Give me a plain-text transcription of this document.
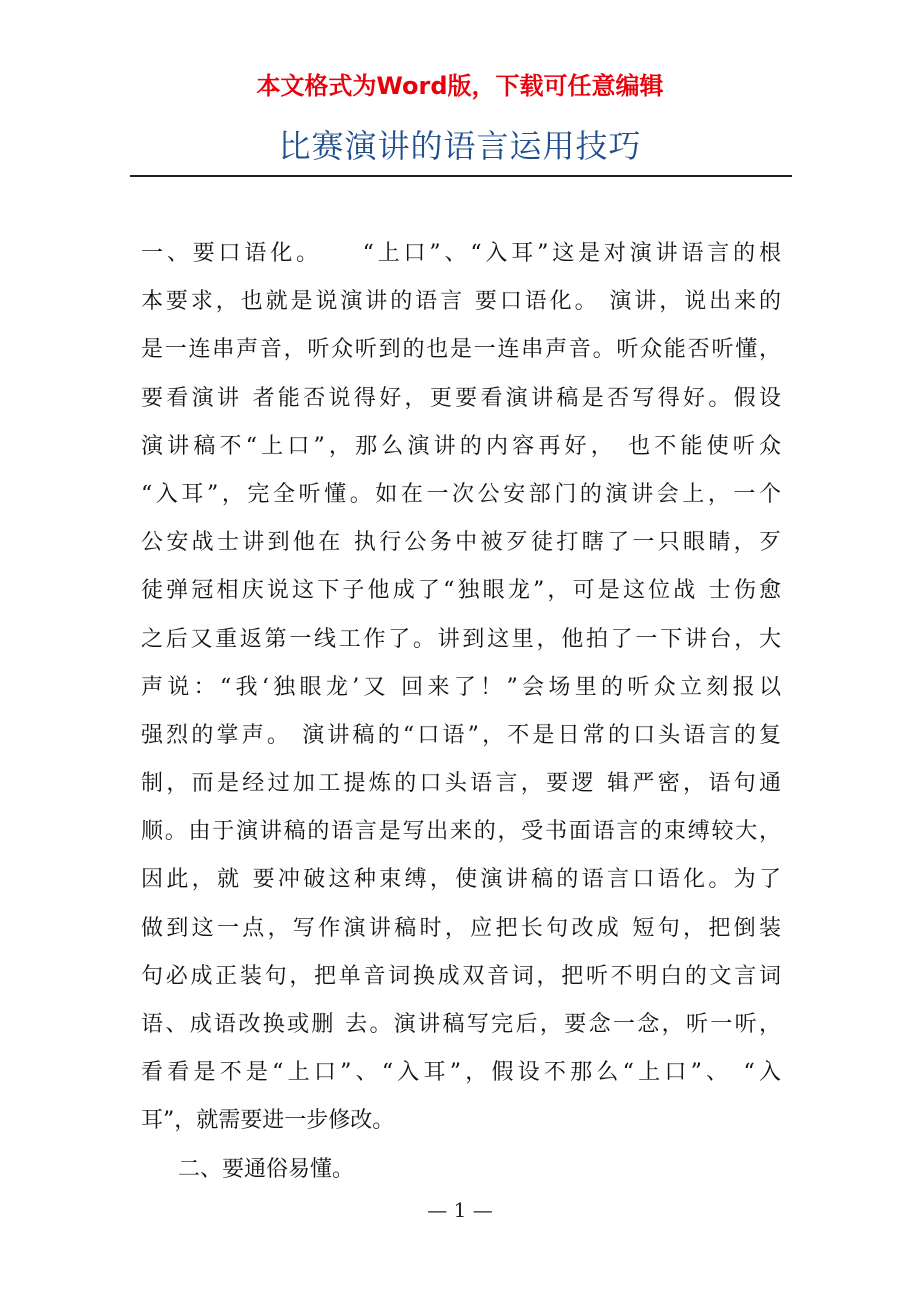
本文格式为Word版，下载可任意编辑
比赛演讲的语言运用技巧
一、要口语化。　　“上口”、“入耳”这是对演讲语言的根
本要求，也就是说演讲的语言 要口语化。 演讲，说出来的
是一连串声音，听众听到的也是一连串声音。听众能否听懂，
要看演讲 者能否说得好，更要看演讲稿是否写得好。假设
演讲稿不“上口”，那么演讲的内容再好， 也不能使听众
“入耳”，完全听懂。如在一次公安部门的演讲会上，一个
公安战士讲到他在 执行公务中被歹徒打瞎了一只眼睛，歹
徒弹冠相庆说这下子他成了“独眼龙”，可是这位战 士伤愈
之后又重返第一线工作了。讲到这里，他拍了一下讲台，大
声说：“我‘独眼龙’又 回来了！”会场里的听众立刻报以
强烈的掌声。 演讲稿的“口语”，不是日常的口头语言的复
制，而是经过加工提炼的口头语言，要逻 辑严密，语句通
顺。由于演讲稿的语言是写出来的，受书面语言的束缚较大，
因此，就 要冲破这种束缚，使演讲稿的语言口语化。为了
做到这一点，写作演讲稿时，应把长句改成 短句，把倒装
句必成正装句，把单音词换成双音词，把听不明白的文言词
语、成语改换或删 去。演讲稿写完后，要念一念，听一听，
看看是不是“上口”、“入耳”，假设不那么“上口”、 “入
耳”，就需要进一步修改。
二、要通俗易懂。
— 1 —
